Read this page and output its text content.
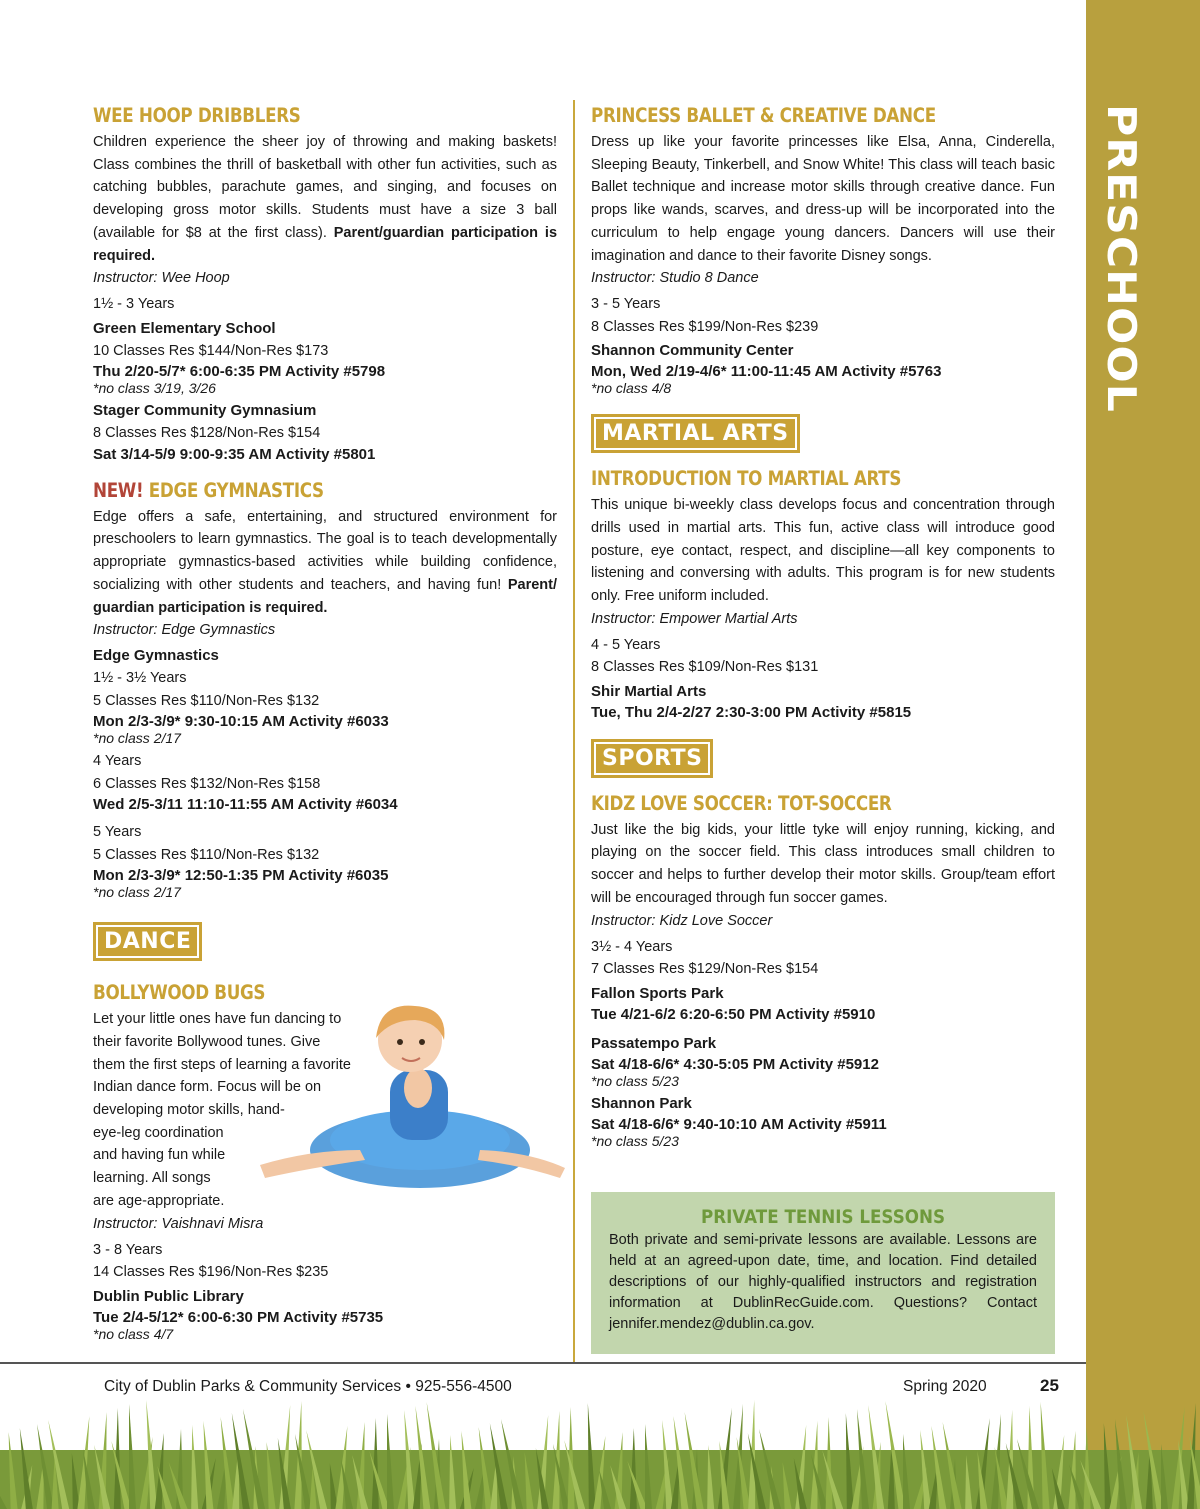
PRESCHOOL
WEE HOOP DRIBBLERS

Children experience the sheer joy of throwing and making baskets! Class combines the thrill of basketball with other fun activities, such as catching bubbles, parachute games, and singing, and focuses on developing gross motor skills. Students must have a size 3 ball (available for $8 at the first class). Parent/guardian participation is required.

Instructor: Wee Hoop

1½ - 3 Years

Green Elementary School

10 Classes Res $144/Non-Res $173

Thu 2/20-5/7* 6:00-6:35 PM Activity #5798

*no class 3/19, 3/26

Stager Community Gymnasium

8 Classes Res $128/Non-Res $154

Sat 3/14-5/9 9:00-9:35 AM Activity #5801

NEW! EDGE GYMNASTICS

Edge offers a safe, entertaining, and structured environment for preschoolers to learn gymnastics. The goal is to teach developmentally appropriate gymnastics-based activities while building confidence, socializing with other students and teachers, and having fun! Parent/ guardian participation is required.

Instructor: Edge Gymnastics

Edge Gymnastics

1½ - 3½ Years

5 Classes Res $110/Non-Res $132

Mon 2/3-3/9* 9:30-10:15 AM Activity #6033

*no class 2/17

4 Years

6 Classes Res $132/Non-Res $158

Wed 2/5-3/11 11:10-11:55 AM Activity #6034

5 Years

5 Classes Res $110/Non-Res $132

Mon 2/3-3/9* 12:50-1:35 PM Activity #6035

*no class 2/17

DANCE
BOLLYWOOD BUGS
Let your little ones have fun dancing to
their favorite Bollywood tunes. Give
them the first steps of learning a favorite
Indian dance form. Focus will be on
developing motor skills, hand-
eye-leg coordination
and having fun while
learning. All songs
are age-appropriate.

Instructor: Vaishnavi Misra

3 - 8 Years

14 Classes Res $196/Non-Res $235

Dublin Public Library

Tue 2/4-5/12* 6:00-6:30 PM Activity #5735

*no class 4/7

PRINCESS BALLET & CREATIVE DANCE

Dress up like your favorite princesses like Elsa, Anna, Cinderella, Sleeping Beauty, Tinkerbell, and Snow White! This class will teach basic Ballet technique and increase motor skills through creative dance. Fun props like wands, scarves, and dress-up will be incorporated into the curriculum to help engage young dancers. Dancers will use their imagination and dance to their favorite Disney songs.

Instructor: Studio 8 Dance

3 - 5 Years

8 Classes Res $199/Non-Res $239

Shannon Community Center

Mon, Wed 2/19-4/6* 11:00-11:45 AM Activity #5763

*no class 4/8

MARTIAL ARTS
INTRODUCTION TO MARTIAL ARTS

This unique bi-weekly class develops focus and concentration through drills used in martial arts. This fun, active class will introduce good posture, eye contact, respect, and discipline—all key components to listening and conversing with adults. This program is for new students only. Free uniform included.

Instructor: Empower Martial Arts

4 - 5 Years

8 Classes Res $109/Non-Res $131

Shir Martial Arts

Tue, Thu 2/4-2/27 2:30-3:00 PM Activity #5815

SPORTS
KIDZ LOVE SOCCER: TOT-SOCCER

Just like the big kids, your little tyke will enjoy running, kicking, and playing on the soccer field. This class introduces small children to soccer and helps to further develop their motor skills. Group/team effort will be encouraged through fun soccer games.

Instructor: Kidz Love Soccer

3½ - 4 Years

7 Classes Res $129/Non-Res $154

Fallon Sports Park

Tue 4/21-6/2 6:20-6:50 PM Activity #5910

Passatempo Park

Sat 4/18-6/6* 4:30-5:05 PM Activity #5912

*no class 5/23

Shannon Park

Sat 4/18-6/6* 9:40-10:10 AM Activity #5911

*no class 5/23

PRIVATE TENNIS LESSONS

Both private and semi-private lessons are available. Lessons are held at an agreed-upon date, time, and location. Find detailed descriptions of our highly-qualified instructors and registration information at DublinRecGuide.com. Questions? Contact jennifer.mendez@dublin.ca.gov.

City of Dublin Parks & Community Services • 925-556-4500	Spring 2020	25
